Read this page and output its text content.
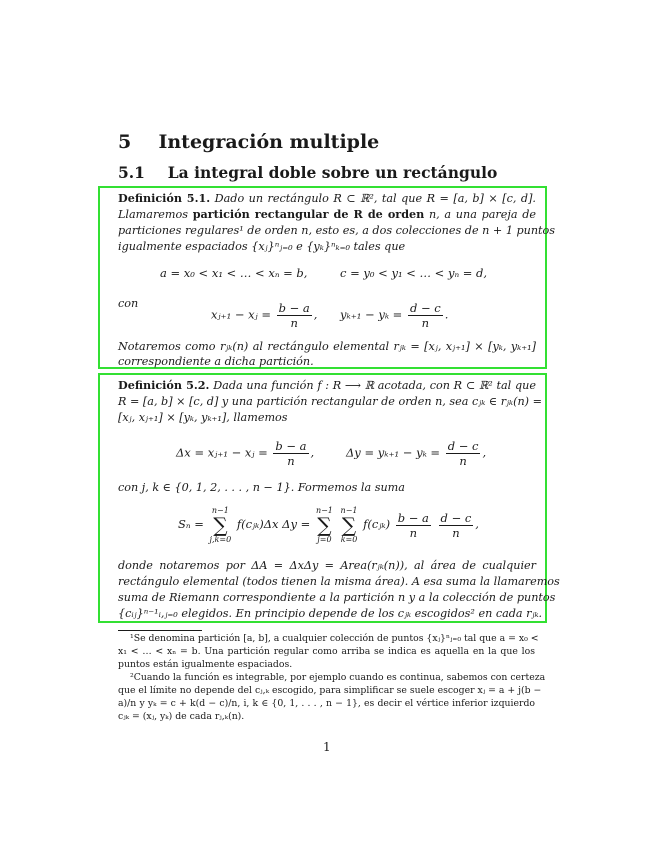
5 Integración multiple
5.1 La integral doble sobre un rectángulo
Definición 5.1. Dado un rectángulo R ⊂ ℝ², tal que R = [a, b] × [c, d].
Llamaremos partición rectangular de R de orden n, a una pareja de
particiones regulares¹ de orden n, esto es, a dos colecciones de n + 1 puntos
igualmente espaciados {xⱼ}ⁿⱼ₌₀ e {yₖ}ⁿₖ₌₀ tales que
a = x₀ < x₁ < … < xₙ = b,	c = y₀ < y₁ < … < yₙ = d,
con
xⱼ₊₁ − xⱼ = $\frac{b - a}{n}$ , $y_{k+1} - y_k = \frac{d - c}{n}$ .
Notaremos como rⱼₖ(n) al rectángulo elemental rⱼₖ = [xⱼ, xⱼ₊₁] × [yₖ, yₖ₊₁]
correspondiente a dicha partición.
Definición 5.2. Dada una función f : R ⟶ ℝ acotada, con R ⊂ ℝ² tal que
R = [a, b] × [c, d] y una partición rectangular de orden n, sea cⱼₖ ∈ rⱼₖ(n) =
[xⱼ, xⱼ₊₁] × [yₖ, yₖ₊₁], llamemos
Δx = xⱼ₊₁ − xⱼ = $\frac{b - a}{n}$ ,	$\Delta y = y_{k+1} - y_k = \frac{d - c}{n}$ ,
con j, k ∈ {0, 1, 2, . . . , n − 1}. Formemos la suma
Sₙ = n−1
∑
j,k=0 f(cⱼₖ)Δx Δy = n−1
∑
j=0 n−1
∑
k=0 f(cⱼₖ) $\frac{b - a}{n}$
$\frac{d - c}{n}$ ,
donde notaremos por ΔA = ΔxΔy = Area(rⱼₖ(n)), al área de cualquier
rectángulo elemental (todos tienen la misma área). A esa suma la llamaremos
suma de Riemann correspondiente a la partición n y a la colección de puntos
{cᵢⱼ}ⁿ⁻¹ᵢ,ⱼ₌₀ elegidos. En principio depende de los cⱼₖ escogidos² en cada rⱼₖ.
¹Se denomina partición [a, b], a cualquier colección de puntos {xⱼ}ⁿⱼ₌₀ tal que a = x₀ <
x₁ < … < xₙ = b. Una partición regular como arriba se indica es aquella en la que los
puntos están igualmente espaciados.
²Cuando la función es integrable, por ejemplo cuando es continua, sabemos con certeza
que el límite no depende del cⱼ,ₖ escogido, para simplificar se suele escoger xⱼ = a + j(b −
a)/n y yₖ = c + k(d − c)/n, i, k ∈ {0, 1, . . . , n − 1}, es decir el vértice inferior izquierdo
cⱼₖ = (xⱼ, yₖ) de cada rⱼ,ₖ(n).
1
